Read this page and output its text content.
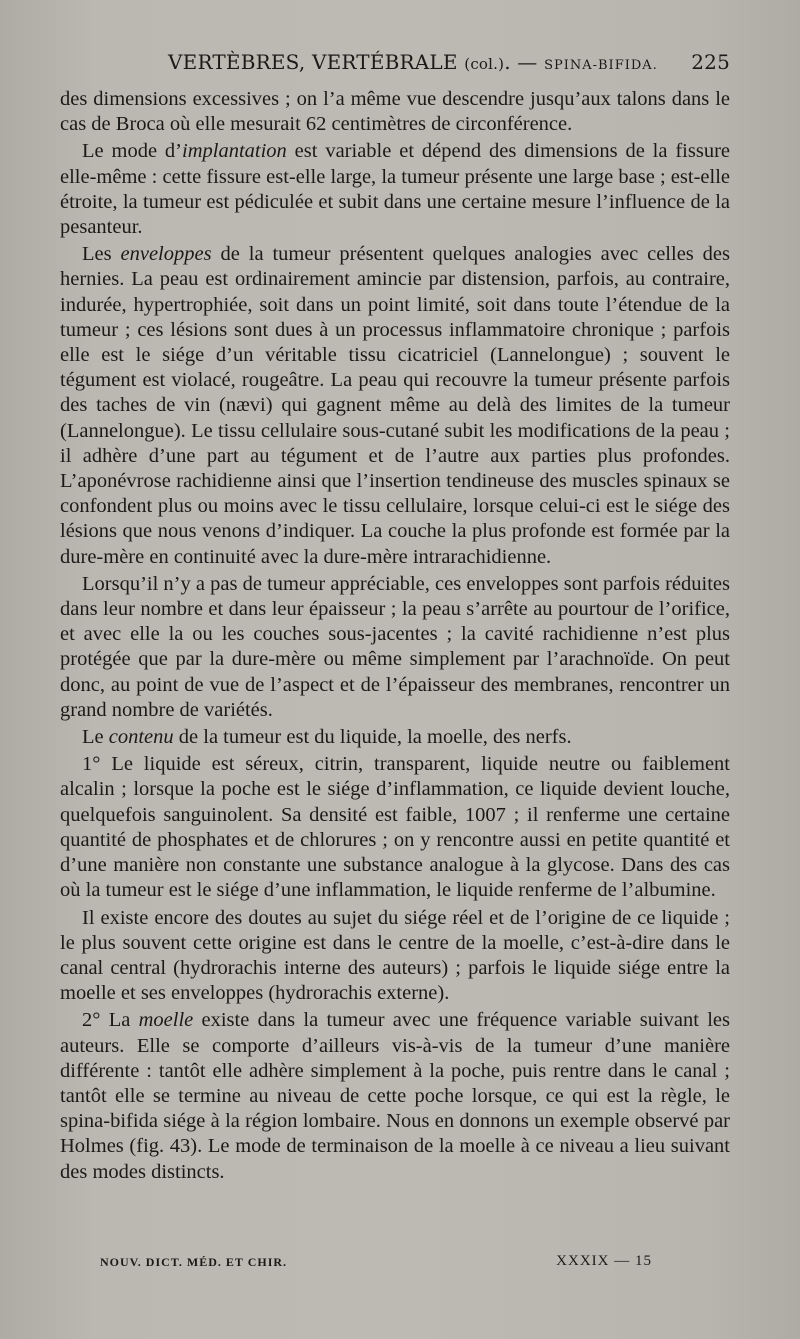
VERTÈBRES, VERTÉBRALE (col.). — SPINA-BIFIDA. 225

des dimensions excessives ; on l’a même vue descendre jusqu’aux talons dans le cas de Broca où elle mesurait 62 centimètres de circonférence.

Le mode d’implantation est variable et dépend des dimensions de la fissure elle-même : cette fissure est-elle large, la tumeur présente une large base ; est-elle étroite, la tumeur est pédiculée et subit dans une certaine mesure l’influence de la pesanteur.

Les enveloppes de la tumeur présentent quelques analogies avec celles des hernies. La peau est ordinairement amincie par distension, parfois, au contraire, indurée, hypertrophiée, soit dans un point limité, soit dans toute l’étendue de la tumeur ; ces lésions sont dues à un processus inflammatoire chronique ; parfois elle est le siége d’un véritable tissu cicatriciel (Lannelongue) ; souvent le tégument est violacé, rougeâtre. La peau qui recouvre la tumeur présente parfois des taches de vin (nævi) qui gagnent même au delà des limites de la tumeur (Lannelongue). Le tissu cellulaire sous-cutané subit les modifications de la peau ; il adhère d’une part au tégument et de l’autre aux parties plus profondes. L’aponévrose rachidienne ainsi que l’insertion tendineuse des muscles spinaux se confondent plus ou moins avec le tissu cellulaire, lorsque celui-ci est le siége des lésions que nous venons d’indiquer. La couche la plus profonde est formée par la dure-mère en continuité avec la dure-mère intrarachidienne.

Lorsqu’il n’y a pas de tumeur appréciable, ces enveloppes sont parfois réduites dans leur nombre et dans leur épaisseur ; la peau s’arrête au pourtour de l’orifice, et avec elle la ou les couches sous-jacentes ; la cavité rachidienne n’est plus protégée que par la dure-mère ou même simplement par l’arachnoïde. On peut donc, au point de vue de l’aspect et de l’épaisseur des membranes, rencontrer un grand nombre de variétés.

Le contenu de la tumeur est du liquide, la moelle, des nerfs.

1° Le liquide est séreux, citrin, transparent, liquide neutre ou faiblement alcalin ; lorsque la poche est le siége d’inflammation, ce liquide devient louche, quelquefois sanguinolent. Sa densité est faible, 1007 ; il renferme une certaine quantité de phosphates et de chlorures ; on y rencontre aussi en petite quantité et d’une manière non constante une substance analogue à la glycose. Dans des cas où la tumeur est le siége d’une inflammation, le liquide renferme de l’albumine.

Il existe encore des doutes au sujet du siége réel et de l’origine de ce liquide ; le plus souvent cette origine est dans le centre de la moelle, c’est-à-dire dans le canal central (hydrorachis interne des auteurs) ; parfois le liquide siége entre la moelle et ses enveloppes (hydrorachis externe).

2° La moelle existe dans la tumeur avec une fréquence variable suivant les auteurs. Elle se comporte d’ailleurs vis-à-vis de la tumeur d’une manière différente : tantôt elle adhère simplement à la poche, puis rentre dans le canal ; tantôt elle se termine au niveau de cette poche lorsque, ce qui est la règle, le spina-bifida siége à la région lombaire. Nous en donnons un exemple observé par Holmes (fig. 43). Le mode de terminaison de la moelle à ce niveau a lieu suivant des modes distincts.

NOUV. DICT. MÉD. ET CHIR.	XXXIX — 15
